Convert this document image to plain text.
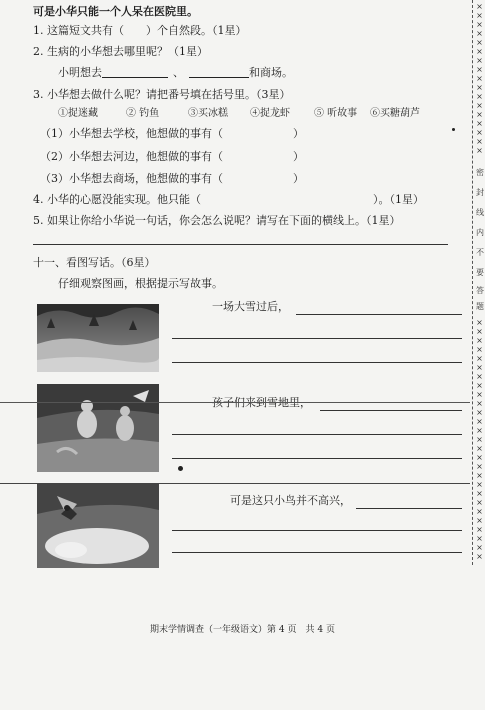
可是小华只能一个人呆在医院里。
1. 这篇短文共有（ ）个自然段。（1星）
2. 生病的小华想去哪里呢？（1星）
小明想去	、	和商场。
3. 小华想去做什么呢？请把番号填在括号里。（3星）
①捉迷藏	② 钓鱼	③买冰糕 ④捉龙虾 ⑤ 听故事 ⑥买糖葫芦
（1）小华想去学校，他想做的事有（	）
（2）小华想去河边，他想做的事有（	）
（3）小华想去商场，他想做的事有（	）
4. 小华的心愿没能实现。他只能（	）。（1星）
5. 如果让你给小华说一句话，你会怎么说呢？请写在下面的横线上。（1星）
十一、看图写话。（6星）
仔细观察图画，根据提示写故事。
一场大雪过后，
孩子们来到雪地里，
可是这只小鸟并不高兴，
×
×
×
×
×
×
×
×
×
×
×
×
×
×
×
×
×
×
×
×
×
×
×
×
×
×
×
×
×
×
×
×
×
×
×
×
×
×
×
×
×
×
×
×
密
封
线
内
不
要
答
题
期末学情调查（一年级语文）第 4 页　共 4 页
